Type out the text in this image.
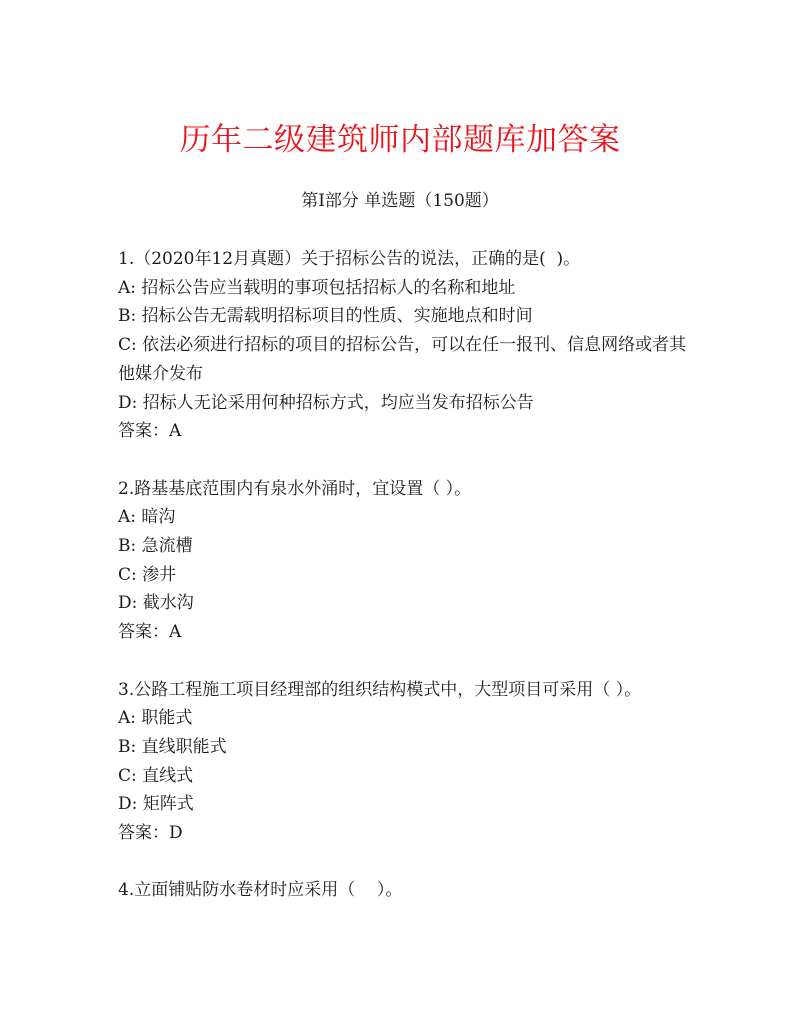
历年二级建筑师内部题库加答案
第Ⅰ部分 单选题（150题）
1.（2020年12月真题）关于招标公告的说法，正确的是(  )。
A: 招标公告应当载明的事项包括招标人的名称和地址
B: 招标公告无需载明招标项目的性质、实施地点和时间
C: 依法必须进行招标的项目的招标公告，可以在任一报刊、信息网络或者其他媒介发布
D: 招标人无论采用何种招标方式，均应当发布招标公告
答案：A
2.路基基底范围内有泉水外涌时，宜设置（ ）。
A: 暗沟
B: 急流槽
C: 渗井
D: 截水沟
答案：A
3.公路工程施工项目经理部的组织结构模式中，大型项目可采用（ ）。
A: 职能式
B: 直线职能式
C: 直线式
D: 矩阵式
答案：D
4.立面铺贴防水卷材时应采用（    ）。
